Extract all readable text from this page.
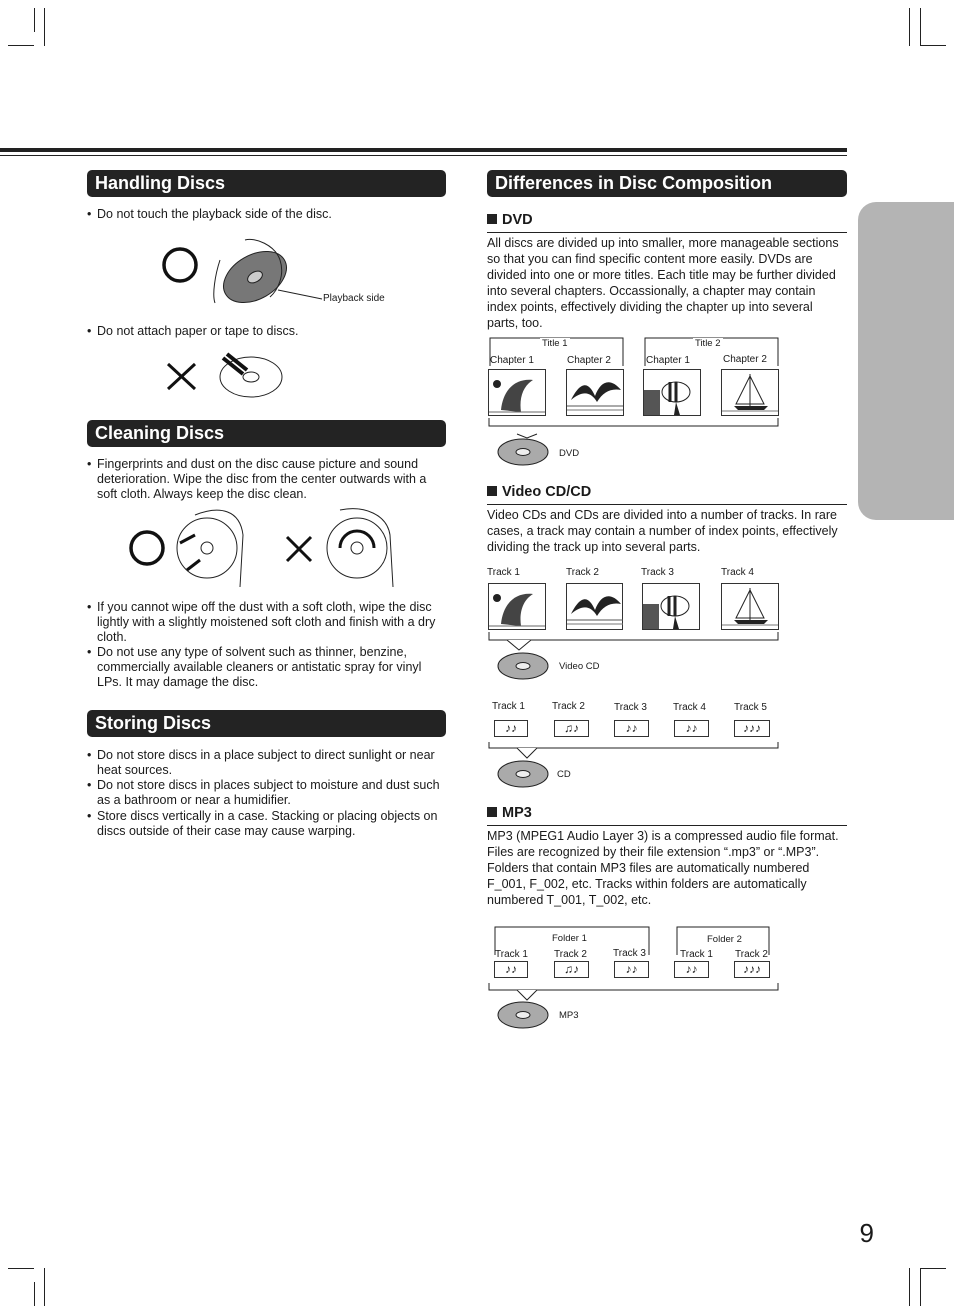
Handling Discs
• Do not touch the playback side of the disc.
Playback side
• Do not attach paper or tape to discs.
Cleaning Discs
• Fingerprints and dust on the disc cause picture and sound deterioration. Wipe the disc from the center outwards with a soft cloth. Always keep the disc clean.
• If you cannot wipe off the dust with a soft cloth, wipe the disc lightly with a slightly moistened soft cloth and finish with a dry cloth.
• Do not use any type of solvent such as thinner, benzine, commercially available cleaners or antistatic spray for vinyl LPs. It may damage the disc.
Storing Discs
• Do not store discs in a place subject to direct sunlight or near heat sources.
• Do not store discs in places subject to moisture and dust such as a bathroom or near a humidifier.
• Store discs vertically in a case. Stacking or placing objects on discs outside of their case may cause warping.
Differences in Disc Composition
DVD
All discs are divided up into smaller, more manageable sections so that you can find specific content more easily. DVDs are divided into one or more titles. Each title may be further divided into several chapters. Occassionally, a chapter may contain index points, effectively dividing the chapter up into several parts, too.
Title 1	Title 2
Chapter 1	Chapter 2	Chapter 1	Chapter 2
DVD
Video CD/CD
Video CDs and CDs are divided into a number of tracks. In rare cases, a track may contain a number of index points, effectively dividing the track up into several parts.
Track 1	Track 2	Track 3	Track 4
Video CD
Track 1	Track 2	Track 3	Track 4	Track 5
♪♪	♫♪	♪♪	♪♪	♪♪♪
CD
MP3
MP3 (MPEG1 Audio Layer 3) is a compressed audio file format. Files are recognized by their file extension “.mp3” or “.MP3”. Folders that contain MP3 files are automatically numbered F_001, F_002, etc. Tracks within folders are automatically numbered T_001, T_002, etc.
Folder 1	Folder 2
Track 1	Track 2	Track 3	Track 1 Track 2
♪♪	♫♪	♪♪	♪♪	♪♪♪
MP3
9
